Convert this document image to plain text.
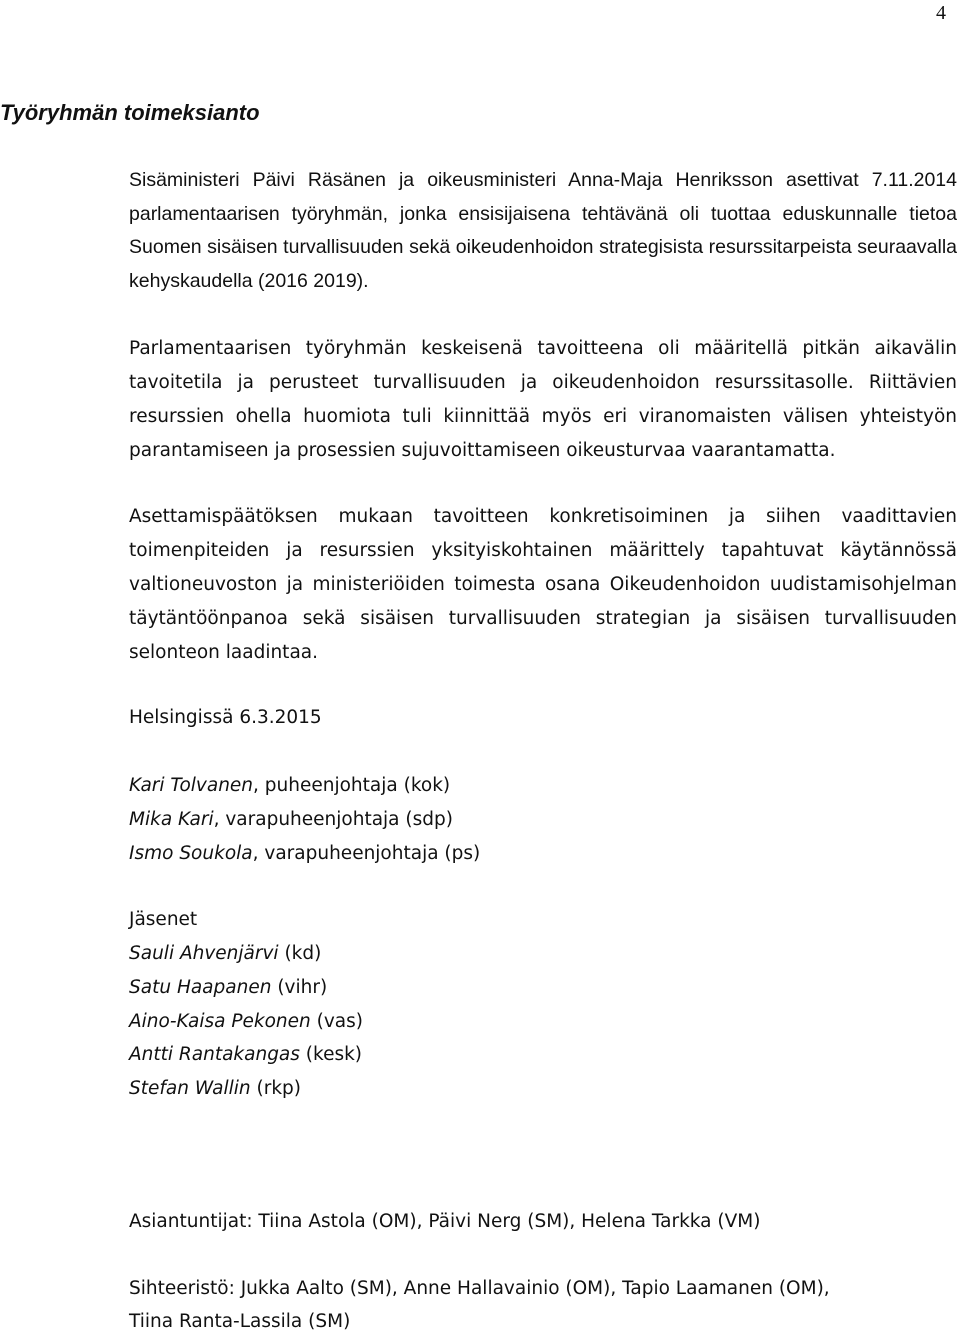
4
Työryhmän toimeksianto

Sisäministeri Päivi Räsänen ja oikeusministeri Anna-Maja Henriksson asettivat 7.11.2014 parlamentaarisen työryhmän, jonka ensisijaisena tehtävänä oli tuottaa eduskunnalle tietoa Suomen sisäisen turvallisuuden sekä oikeudenhoidon strategisista resurssitarpeista seuraavalla kehyskaudella (2016 2019).

Parlamentaarisen työryhmän keskeisenä tavoitteena oli määritellä pitkän aikavälin tavoitetila ja perusteet turvallisuuden ja oikeudenhoidon resurssitasolle. Riittävien resurssien ohella huomiota tuli kiinnittää myös eri viranomaisten välisen yhteistyön parantamiseen ja prosessien sujuvoittamiseen oikeusturvaa vaarantamatta.

Asettamispäätöksen mukaan tavoitteen konkretisoiminen ja siihen vaadittavien toimenpiteiden ja resurssien yksityiskohtainen määrittely tapahtuvat käytännössä valtioneuvoston ja ministeriöiden toimesta osana Oikeudenhoidon uudistamisohjelman täytäntöönpanoa sekä sisäisen turvallisuuden strategian ja sisäisen turvallisuuden selonteon laadintaa.

Helsingissä 6.3.2015

Kari Tolvanen, puheenjohtaja (kok)

Mika Kari, varapuheenjohtaja (sdp)

Ismo Soukola, varapuheenjohtaja (ps)

Jäsenet

Sauli Ahvenjärvi (kd)

Satu Haapanen (vihr)

Aino-Kaisa Pekonen (vas)

Antti Rantakangas (kesk)

Stefan Wallin (rkp)

Asiantuntijat: Tiina Astola (OM), Päivi Nerg (SM), Helena Tarkka (VM)

Sihteeristö: Jukka Aalto (SM), Anne Hallavainio (OM), Tapio Laamanen (OM),

Tiina Ranta-Lassila (SM)
